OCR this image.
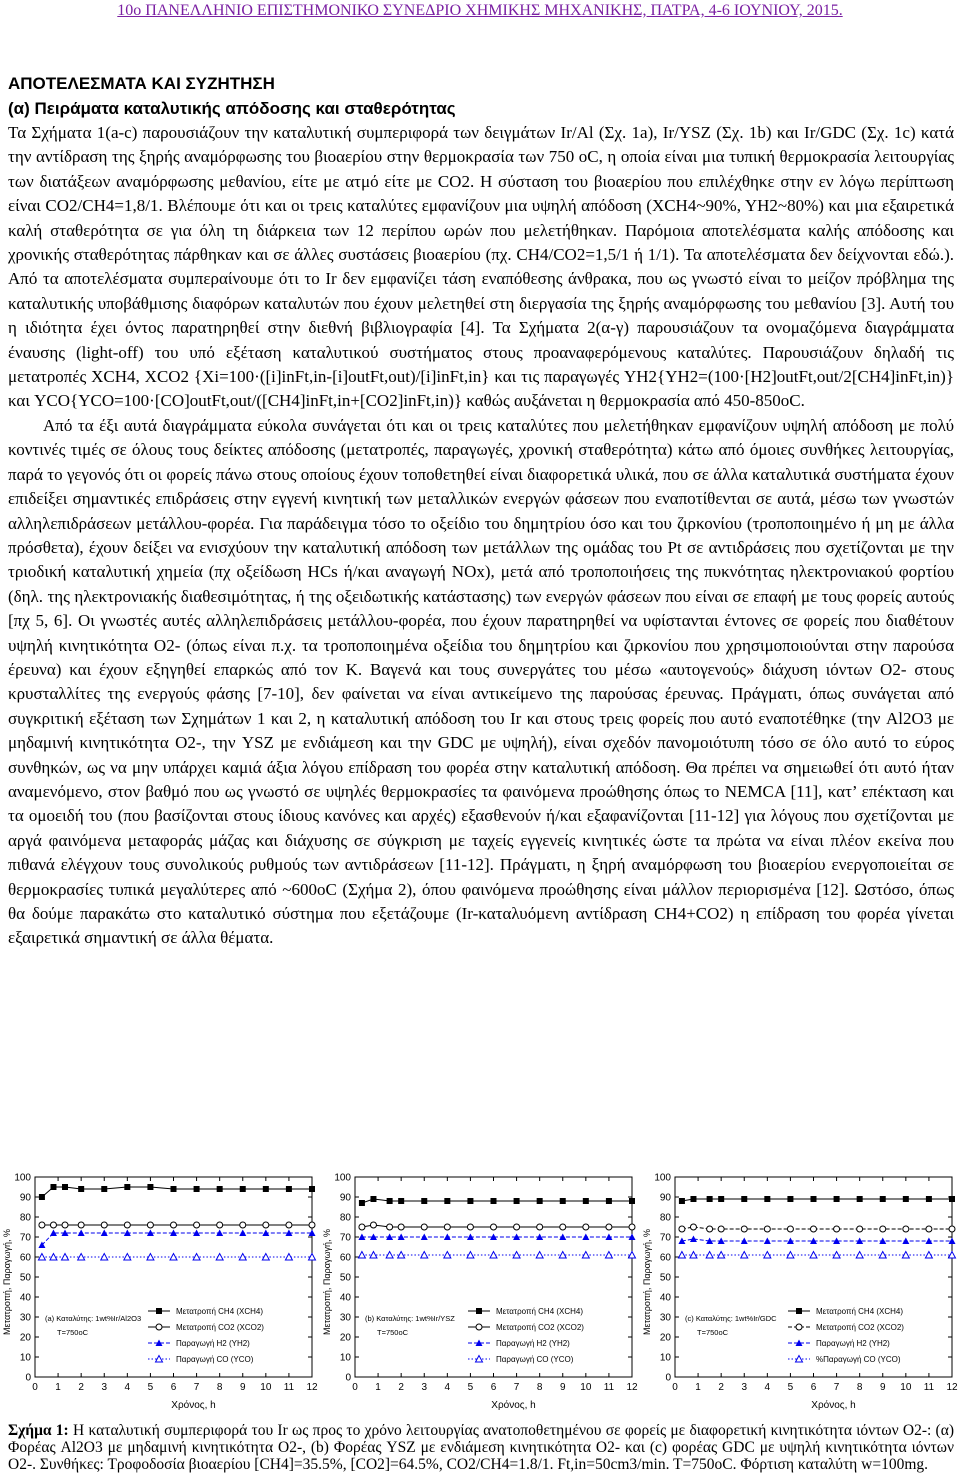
10ο ΠΑΝΕΛΛΗΝΙΟ ΕΠΙΣΤΗΜΟΝΙΚΟ ΣΥΝΕΔΡΙΟ ΧΗΜΙΚΗΣ ΜΗΧΑΝΙΚΗΣ, ΠΑΤΡΑ, 4-6 ΙΟΥΝΙΟΥ, 2015.
ΑΠΟΤΕΛΕΣΜΑΤΑ ΚΑΙ ΣΥΖΗΤΗΣΗ
(α) Πειράματα καταλυτικής απόδοσης και σταθερότητας

Τα Σχήματα 1(a-c) παρουσιάζουν την καταλυτική συμπεριφορά των δειγμάτων Ir/Al (Σχ. 1a), Ir/YSZ (Σχ. 1b) και Ir/GDC (Σχ. 1c) κατά την αντίδραση της ξηρής αναμόρφωσης του βιοαερίου στην θερμοκρασία των 750 oC, η οποία είναι μια τυπική θερμοκρασία λειτουργίας των διατάξεων αναμόρφωσης μεθανίου, είτε με ατμό είτε με CO2. Η σύσταση του βιοαερίου που επιλέχθηκε στην εν λόγω περίπτωση είναι CO2/CH4=1,8/1. Βλέπουμε ότι και οι τρεις καταλύτες εμφανίζουν μια υψηλή απόδοση (XCH4~90%, YH2~80%) και μια εξαιρετικά καλή σταθερότητα σε για όλη τη διάρκεια των 12 περίπου ωρών που μελετήθηκαν. Παρόμοια αποτελέσματα καλής απόδοσης και χρονικής σταθερότητας πάρθηκαν και σε άλλες συστάσεις βιοαερίου (πχ. CH4/CO2=1,5/1 ή 1/1). Τα αποτελέσματα δεν δείχνονται εδώ.). Από τα αποτελέσματα συμπεραίνουμε ότι το Ir δεν εμφανίζει τάση εναπόθεσης άνθρακα, που ως γνωστό είναι το μείζον πρόβλημα της καταλυτικής υποβάθμισης διαφόρων καταλυτών που έχουν μελετηθεί στη διεργασία της ξηρής αναμόρφωσης του μεθανίου [3]. Αυτή του η ιδιότητα έχει όντος παρατηρηθεί στην διεθνή βιβλιογραφία [4]. Τα Σχήματα 2(α-γ) παρουσιάζουν τα ονομαζόμενα διαγράμματα έναυσης (light-off) του υπό εξέταση καταλυτικού συστήματος στους προαναφερόμενους καταλύτες. Παρουσιάζουν δηλαδή τις μετατροπές XCH4, XCO2 {Xi=100·([i]inFt,in-[i]outFt,out)/[i]inFt,in} και τις παραγωγές YH2{YH2=(100·[H2]outFt,out/2[CH4]inFt,in)} και YCO{YCO=100·[CO]outFt,out/([CH4]inFt,in+[CO2]inFt,in)} καθώς αυξάνεται η θερμοκρασία από 450-850oC.

Από τα έξι αυτά διαγράμματα εύκολα συνάγεται ότι και οι τρεις καταλύτες που μελετήθηκαν εμφανίζουν υψηλή απόδοση με πολύ κοντινές τιμές σε όλους τους δείκτες απόδοσης (μετατροπές, παραγωγές, χρονική σταθερότητα) κάτω από όμοιες συνθήκες λειτουργίας, παρά το γεγονός ότι οι φορείς πάνω στους οποίους έχουν τοποθετηθεί είναι διαφορετικά υλικά, που σε άλλα καταλυτικά συστήματα έχουν επιδείξει σημαντικές επιδράσεις στην εγγενή κινητική των μεταλλικών ενεργών φάσεων που εναποτίθενται σε αυτά, μέσω των γνωστών αλληλεπιδράσεων μετάλλου-φορέα. Για παράδειγμα τόσο το οξείδιο του δημητρίου όσο και του ζιρκονίου (τροποποιημένο ή μη με άλλα πρόσθετα), έχουν δείξει να ενισχύουν την καταλυτική απόδοση των μετάλλων της ομάδας του Pt σε αντιδράσεις που σχετίζονται με την τριοδική καταλυτική χημεία (πχ οξείδωση HCs ή/και αναγωγή NOx), μετά από τροποποιήσεις της πυκνότητας ηλεκτρονιακού φορτίου (δηλ. της ηλεκτρονιακής διαθεσιμότητας, ή της οξειδωτικής κατάστασης) των ενεργών φάσεων που είναι σε επαφή με τους φορείς αυτούς [πχ 5, 6]. Οι γνωστές αυτές αλληλεπιδράσεις μετάλλου-φορέα, που έχουν παρατηρηθεί να υφίστανται έντονες σε φορείς που διαθέτουν υψηλή κινητικότητα O2- (όπως είναι π.χ. τα τροποποιημένα οξείδια του δημητρίου και ζιρκονίου που χρησιμοποιούνται στην παρούσα έρευνα) και έχουν εξηγηθεί επαρκώς από τον K. Βαγενά και τους συνεργάτες του μέσω «αυτογενούς» διάχυση ιόντων O2- στους κρυσταλλίτες της ενεργούς φάσης [7-10], δεν φαίνεται να είναι αντικείμενο της παρούσας έρευνας. Πράγματι, όπως συνάγεται από συγκριτική εξέταση των Σχημάτων 1 και 2, η καταλυτική απόδοση του Ir και στους τρεις φορείς που αυτό εναποτέθηκε (την Al2O3 με μηδαμινή κινητικότητα O2-, την YSZ με ενδιάμεση και την GDC με υψηλή), είναι σχεδόν πανομοιότυπη τόσο σε όλο αυτό το εύρος συνθηκών, ως να μην υπάρχει καμιά άξια λόγου επίδραση του φορέα στην καταλυτική απόδοση. Θα πρέπει να σημειωθεί ότι αυτό ήταν αναμενόμενο, στον βαθμό που ως γνωστό σε υψηλές θερμοκρασίες τα φαινόμενα προώθησης όπως το NEMCA [11], κατ’ επέκταση και τα ομοειδή του (που βασίζονται στους ίδιους κανόνες και αρχές) εξασθενούν ή/και εξαφανίζονται [11-12] για λόγους που σχετίζονται με αργά φαινόμενα μεταφοράς μάζας και διάχυσης σε σύγκριση με ταχείς εγγενείς κινητικές ώστε τα πρώτα να είναι πλέον εκείνα που πιθανά ελέγχουν τους συνολικούς ρυθμούς των αντιδράσεων [11-12]. Πράγματι, η ξηρή αναμόρφωση του βιοαερίου ενεργοποιείται σε θερμοκρασίες τυπικά μεγαλύτερες από ~600oC (Σχήμα 2), όπου φαινόμενα προώθησης είναι μάλλον περιορισμένα [12]. Ωστόσο, όπως θα δούμε παρακάτω στο καταλυτικό σύστημα που εξετάζουμε (Ir-καταλυόμενη αντίδραση CH4+CO2) η επίδραση του φορέα γίνεται εξαιρετικά σημαντική σε άλλα θέματα.

0
10
20
30
40
50
60
70
80
90
100
0 1 2 3 4 5 6 7 8 9 10 11 12
Χρόνος, h
Μετατροπή, Παραγωγή, %	(a) Καταλύτης: 1wt%Ir/Al2O3
T=750oC
Μετατροπή CH4 (XCH4)
Μετατροπή CO2 (XCO2)
Παραγωγή H2 (YH2)
Παραγωγή CO (YCO)
0
10
20
30
40
50
60
70
80
90
100
0 1 2 3 4 5 6 7 8 9 10 11 12
Χρόνος, h
Μετατροπή, Παραγωγή, %	(b) Καταλύτης: 1wt%Ir/YSZ
T=750oC
Μετατροπή CH4 (XCH4)
Μετατροπή CO2 (XCO2)
Παραγωγή H2 (YH2)
Παραγωγή CO (YCO)
0
10
20
30
40
50
60
70
80
90
100
0 1 2 3 4 5 6 7 8 9 10 11 12
Χρόνος, h
Μετατροπή, Παραγωγή, %	(c) Καταλύτης: 1wt%Ir/GDC
T=750oC
Μετατροπή CH4 (XCH4)
Μετατροπή CO2 (XCO2)
Παραγωγή H2 (YH2)
%Παραγωγή CO (YCO)

Σχήμα 1: Η καταλυτική συμπεριφορά του Ir ως προς το χρόνο λειτουργίας ανατοποθετημένου σε φορείς με διαφορετική κινητικότητα ιόντων O2-: (α) Φορέας Al2O3 με μηδαμινή κινητικότητα O2-, (b) Φορέας YSZ με ενδιάμεση κινητικότητα O2- και (c) φορέας GDC με υψηλή κινητικότητα ιόντων O2-. Συνθήκες: Τροφοδοσία βιοαερίου [CH4]=35.5%, [CO2]=64.5%, CO2/CH4=1.8/1. Ft,in=50cm3/min. T=750oC. Φόρτιση καταλύτη w=100mg.
